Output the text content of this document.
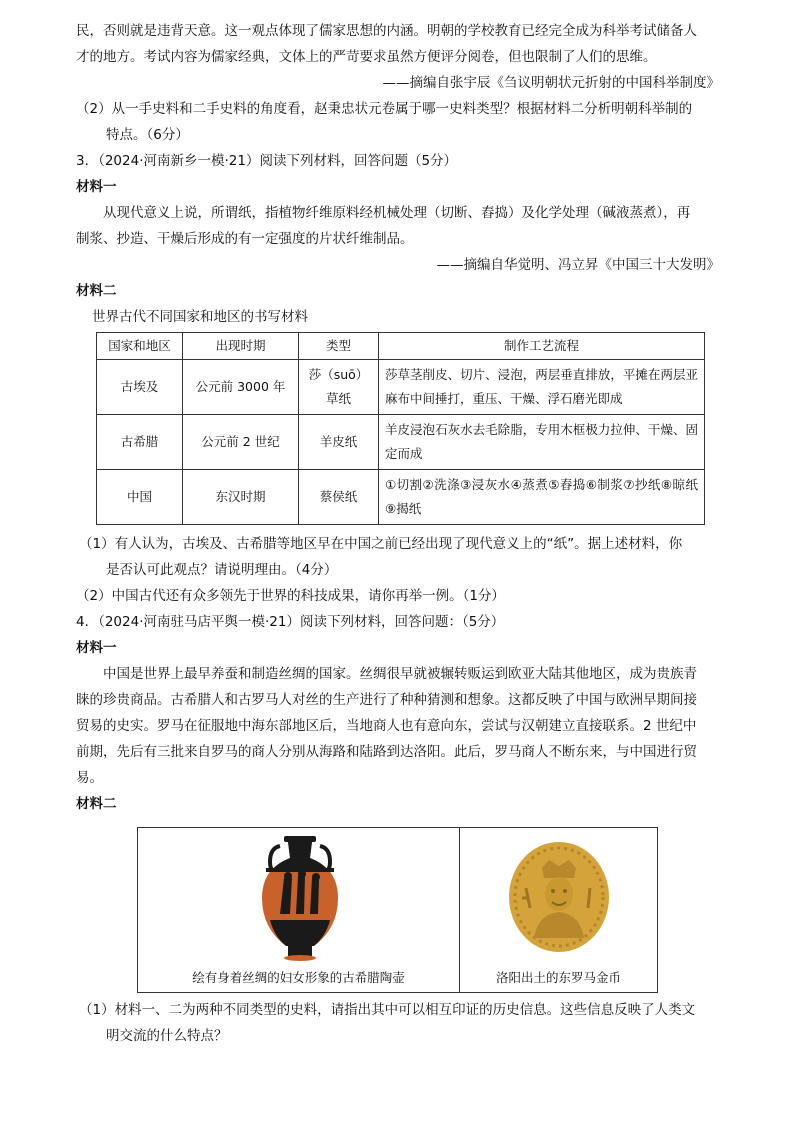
民，否则就是违背天意。这一观点体现了儒家思想的内涵。明朝的学校教育已经完全成为科举考试储备人

才的地方。考试内容为儒家经典，文体上的严苛要求虽然方便评分阅卷，但也限制了人们的思维。

——摘编自张宇辰《刍议明朝状元折射的中国科举制度》

（2）从一手史料和二手史料的角度看，赵秉忠状元卷属于哪一史料类型？根据材料二分析明朝科举制的

特点。（6分）

3．（2024·河南新乡一模·21）阅读下列材料，回答问题（5分）

材料一

从现代意义上说，所谓纸，指植物纤维原料经机械处理（切断、舂捣）及化学处理（碱液蒸煮），再

制浆、抄造、干燥后形成的有一定强度的片状纤维制品。

——摘编自华觉明、冯立昇《中国三十大发明》

材料二

世界古代不同国家和地区的书写材料

国家和地区	出现时期	类型	制作工艺流程
古埃及	公元前 3000 年	莎（suō）草纸	莎草茎削皮、切片、浸泡，两层垂直排放，平摊在两层亚麻布中间捶打，重压、干燥、浮石磨光即成
古希腊	公元前 2 世纪	羊皮纸	羊皮浸泡石灰水去毛除脂，专用木框极力拉伸、干燥、固定而成
中国	东汉时期	蔡侯纸	①切割②洗涤③浸灰水④蒸煮⑤舂捣⑥制浆⑦抄纸⑧晾纸⑨揭纸

（1）有人认为，古埃及、古希腊等地区早在中国之前已经出现了现代意义上的“纸”。据上述材料，你

是否认可此观点？请说明理由。（4分）

（2）中国古代还有众多领先于世界的科技成果，请你再举一例。（1分）

4．（2024·河南驻马店平舆一模·21）阅读下列材料，回答问题：（5分）

材料一

中国是世界上最早养蚕和制造丝绸的国家。丝绸很早就被辗转贩运到欧亚大陆其他地区，成为贵族青

睐的珍贵商品。古希腊人和古罗马人对丝的生产进行了种种猜测和想象。这都反映了中国与欧洲早期间接

贸易的史实。罗马在征服地中海东部地区后，当地商人也有意向东，尝试与汉朝建立直接联系。2 世纪中

前期，先后有三批来自罗马的商人分别从海路和陆路到达洛阳。此后，罗马商人不断东来，与中国进行贸

易。

材料二

绘有身着丝绸的妇女形象的古希腊陶壶	洛阳出土的东罗马金币

（1）材料一、二为两种不同类型的史料，请指出其中可以相互印证的历史信息。这些信息反映了人类文

明交流的什么特点？
